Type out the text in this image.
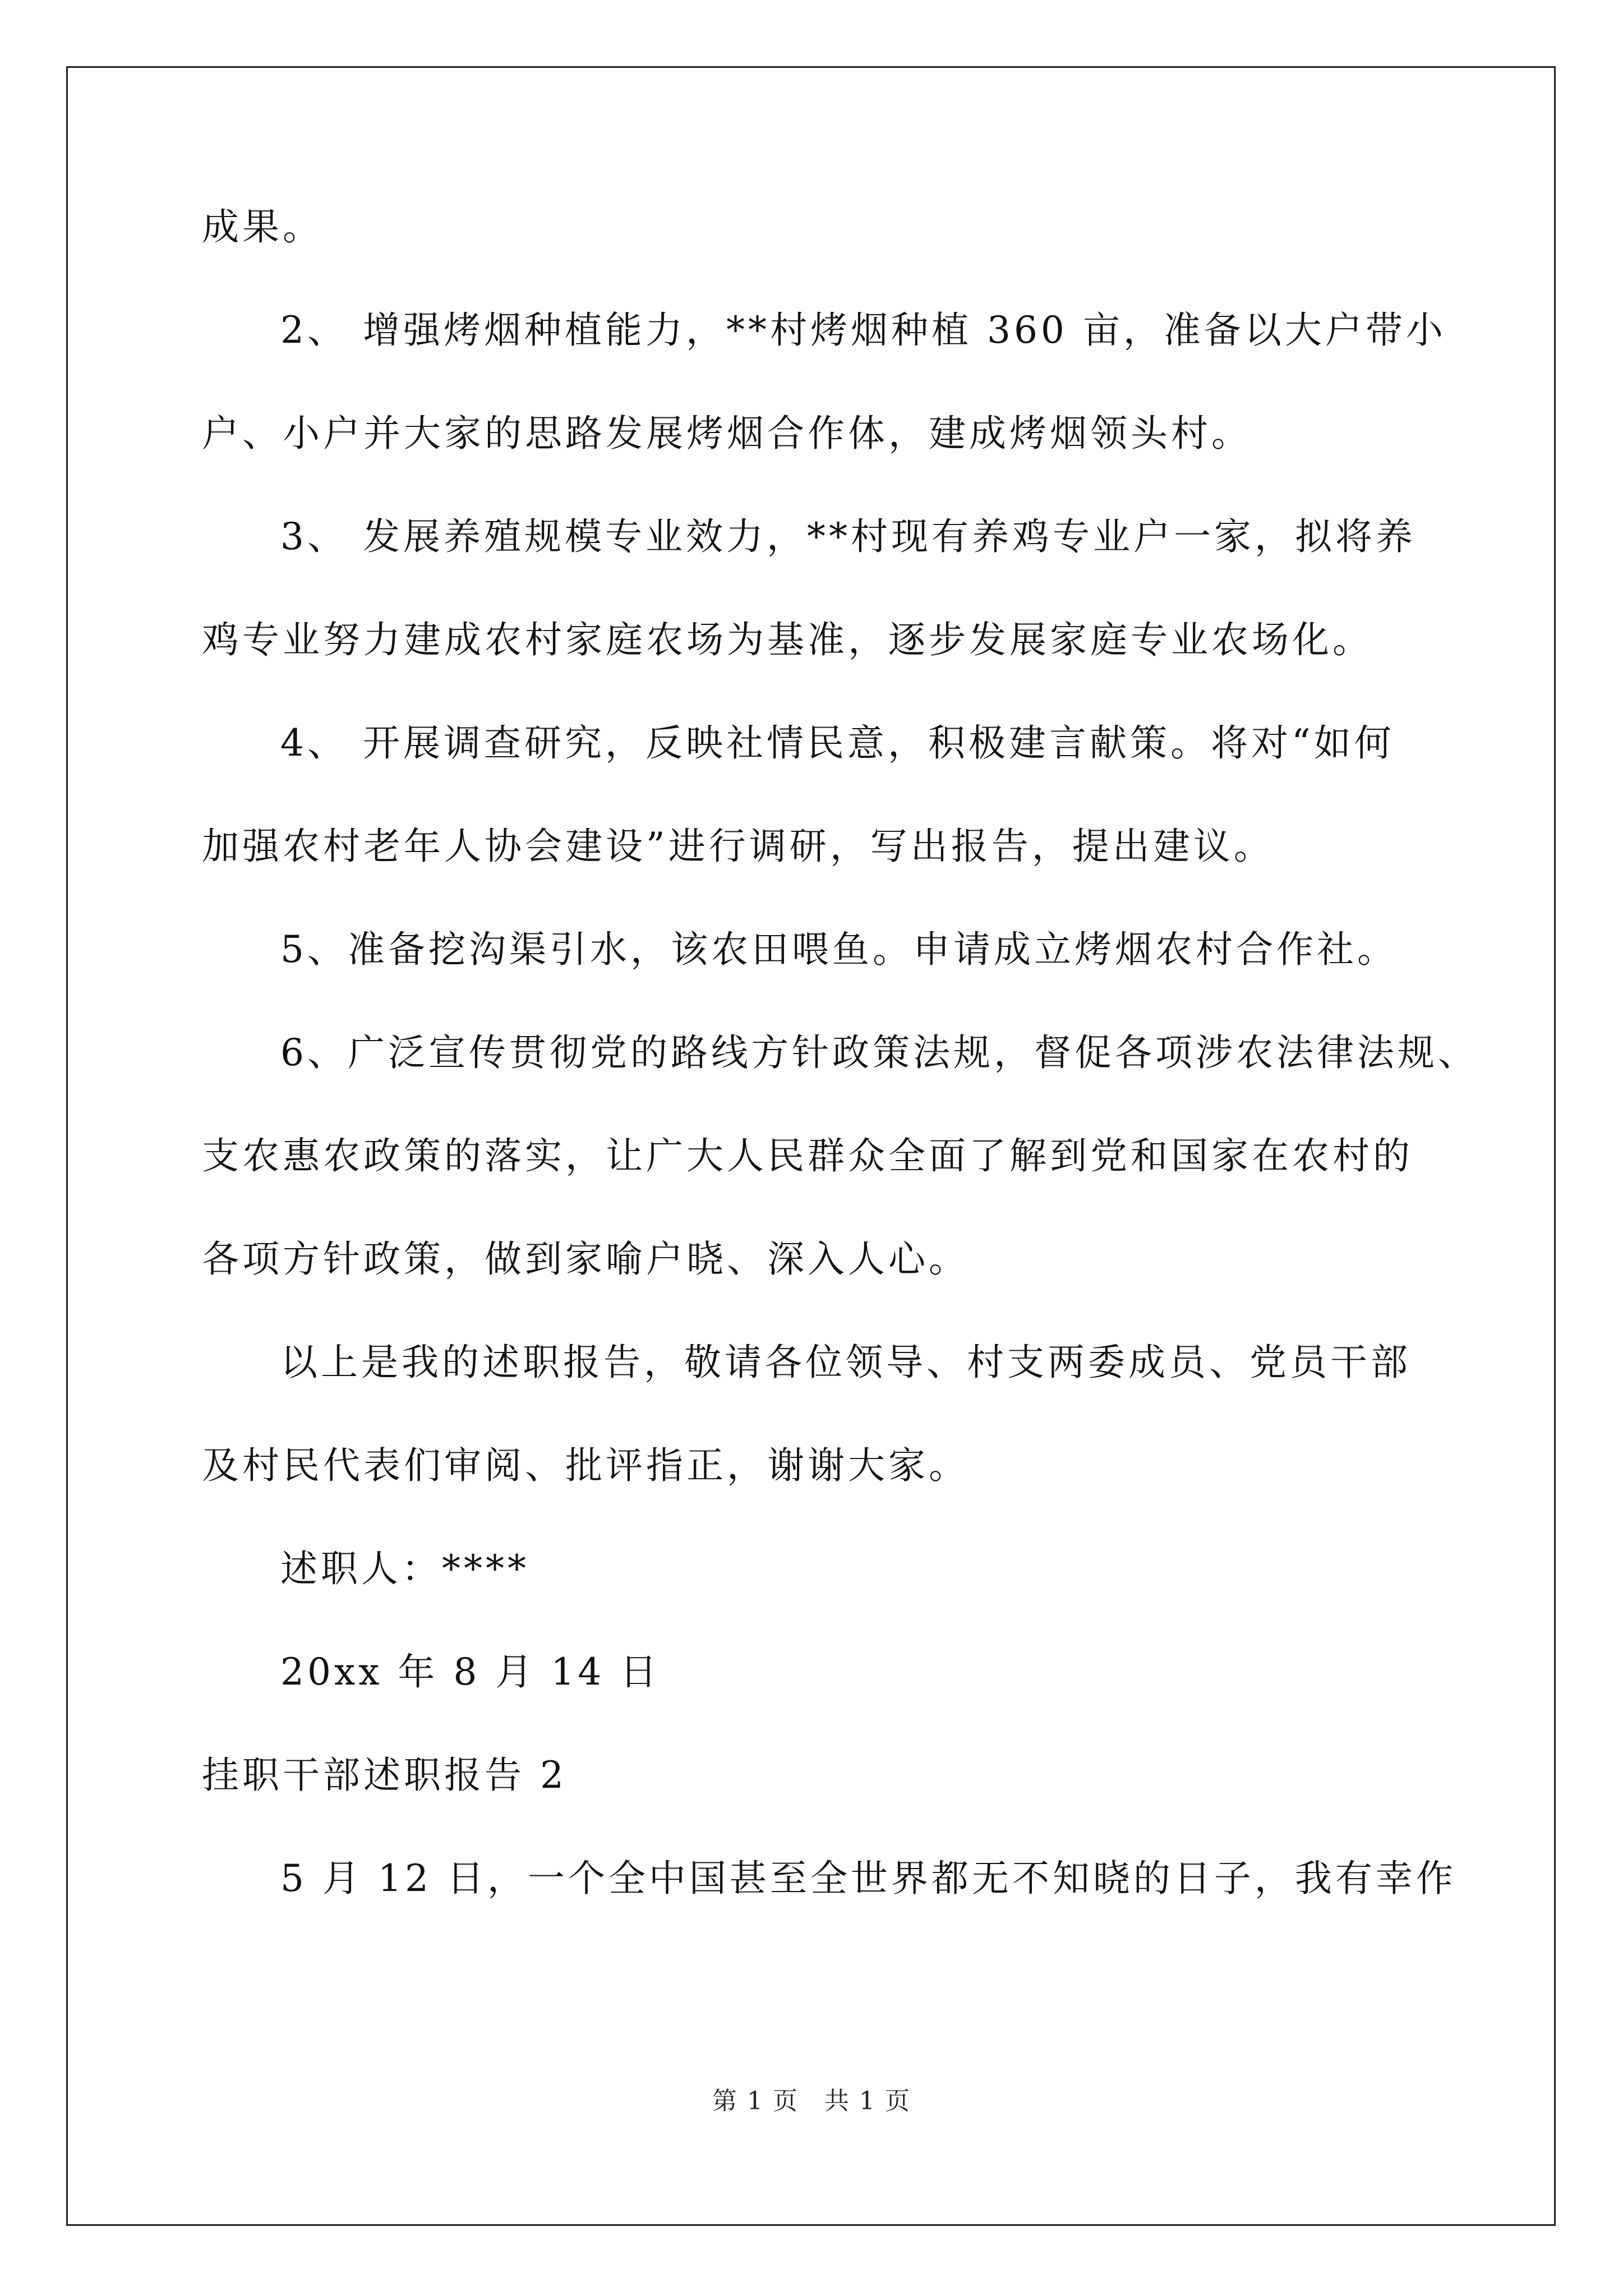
成果。
2、 增强烤烟种植能力，**村烤烟种植 360 亩，准备以大户带小
户、小户并大家的思路发展烤烟合作体，建成烤烟领头村。
3、 发展养殖规模专业效力，**村现有养鸡专业户一家，拟将养
鸡专业努力建成农村家庭农场为基准，逐步发展家庭专业农场化。
4、 开展调查研究，反映社情民意，积极建言献策。将对“如何
加强农村老年人协会建设”进行调研，写出报告，提出建议。
5、准备挖沟渠引水，该农田喂鱼。申请成立烤烟农村合作社。
6、广泛宣传贯彻党的路线方针政策法规，督促各项涉农法律法规、
支农惠农政策的落实，让广大人民群众全面了解到党和国家在农村的
各项方针政策，做到家喻户晓、深入人心。
以上是我的述职报告，敬请各位领导、村支两委成员、党员干部
及村民代表们审阅、批评指正，谢谢大家。
述职人：****
20xx 年 8 月 14 日
挂职干部述职报告 2
5 月 12 日，一个全中国甚至全世界都无不知晓的日子，我有幸作
第 1 页　共 1 页
